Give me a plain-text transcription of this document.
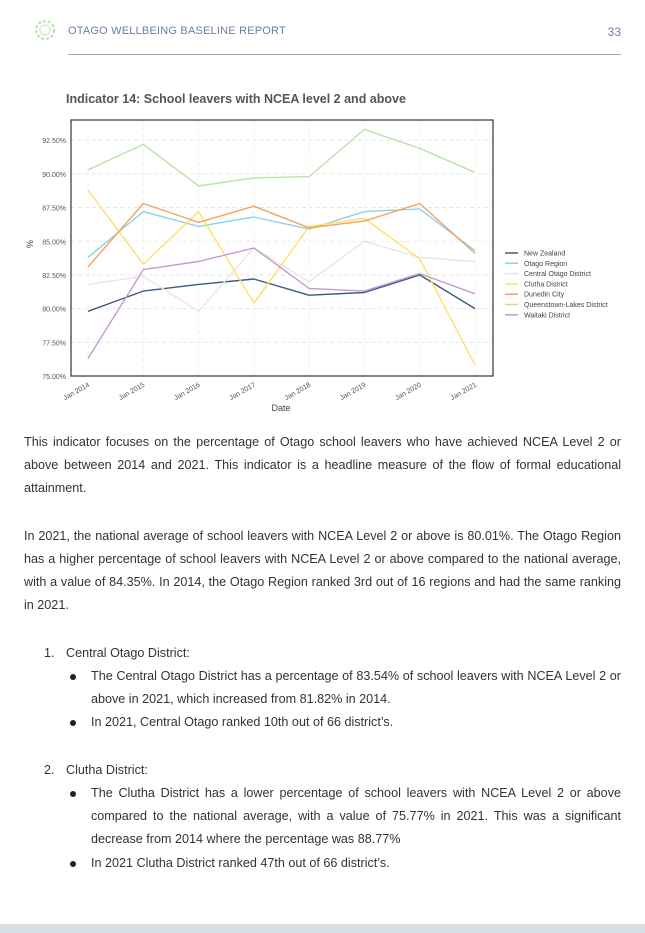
OTAGO WELLBEING BASELINE REPORT	33
Indicator 14: School leavers with NCEA level 2 and above
75.00%
77.50%
80.00%
82.50%
85.00%
87.50%
90.00%
92.50%
Jan 2014	Jan 2015	Jan 2016	Jan 2017	Jan 2018	Jan 2019	Jan 2020	Jan 2021
%
Date
New Zealand
Otago Region
Central Otago District
Clutha District
Dunedin City
Queenstown-Lakes District
Waitaki District

This indicator focuses on the percentage of Otago school leavers who have achieved NCEA Level 2 or above between 2014 and 2021. This indicator is a headline measure of the flow of formal educational attainment.

In 2021, the national average of school leavers with NCEA Level 2 or above is 80.01%. The Otago Region has a higher percentage of school leavers with NCEA Level 2 or above compared to the national average, with a value of 84.35%. In 2014, the Otago Region ranked 3rd out of 16 regions and had the same ranking in 2021.

1. Central Otago District:

The Central Otago District has a percentage of 83.54% of school leavers with NCEA Level 2 or above in 2021, which increased from 81.82% in 2014.

In 2021, Central Otago ranked 10th out of 66 district’s.

2. Clutha District:

The Clutha District has a lower percentage of school leavers with NCEA Level 2 or above compared to the national average, with a value of 75.77% in 2021. This was a significant decrease from 2014 where the percentage was 88.77%

In 2021 Clutha District ranked 47th out of 66 district’s.
